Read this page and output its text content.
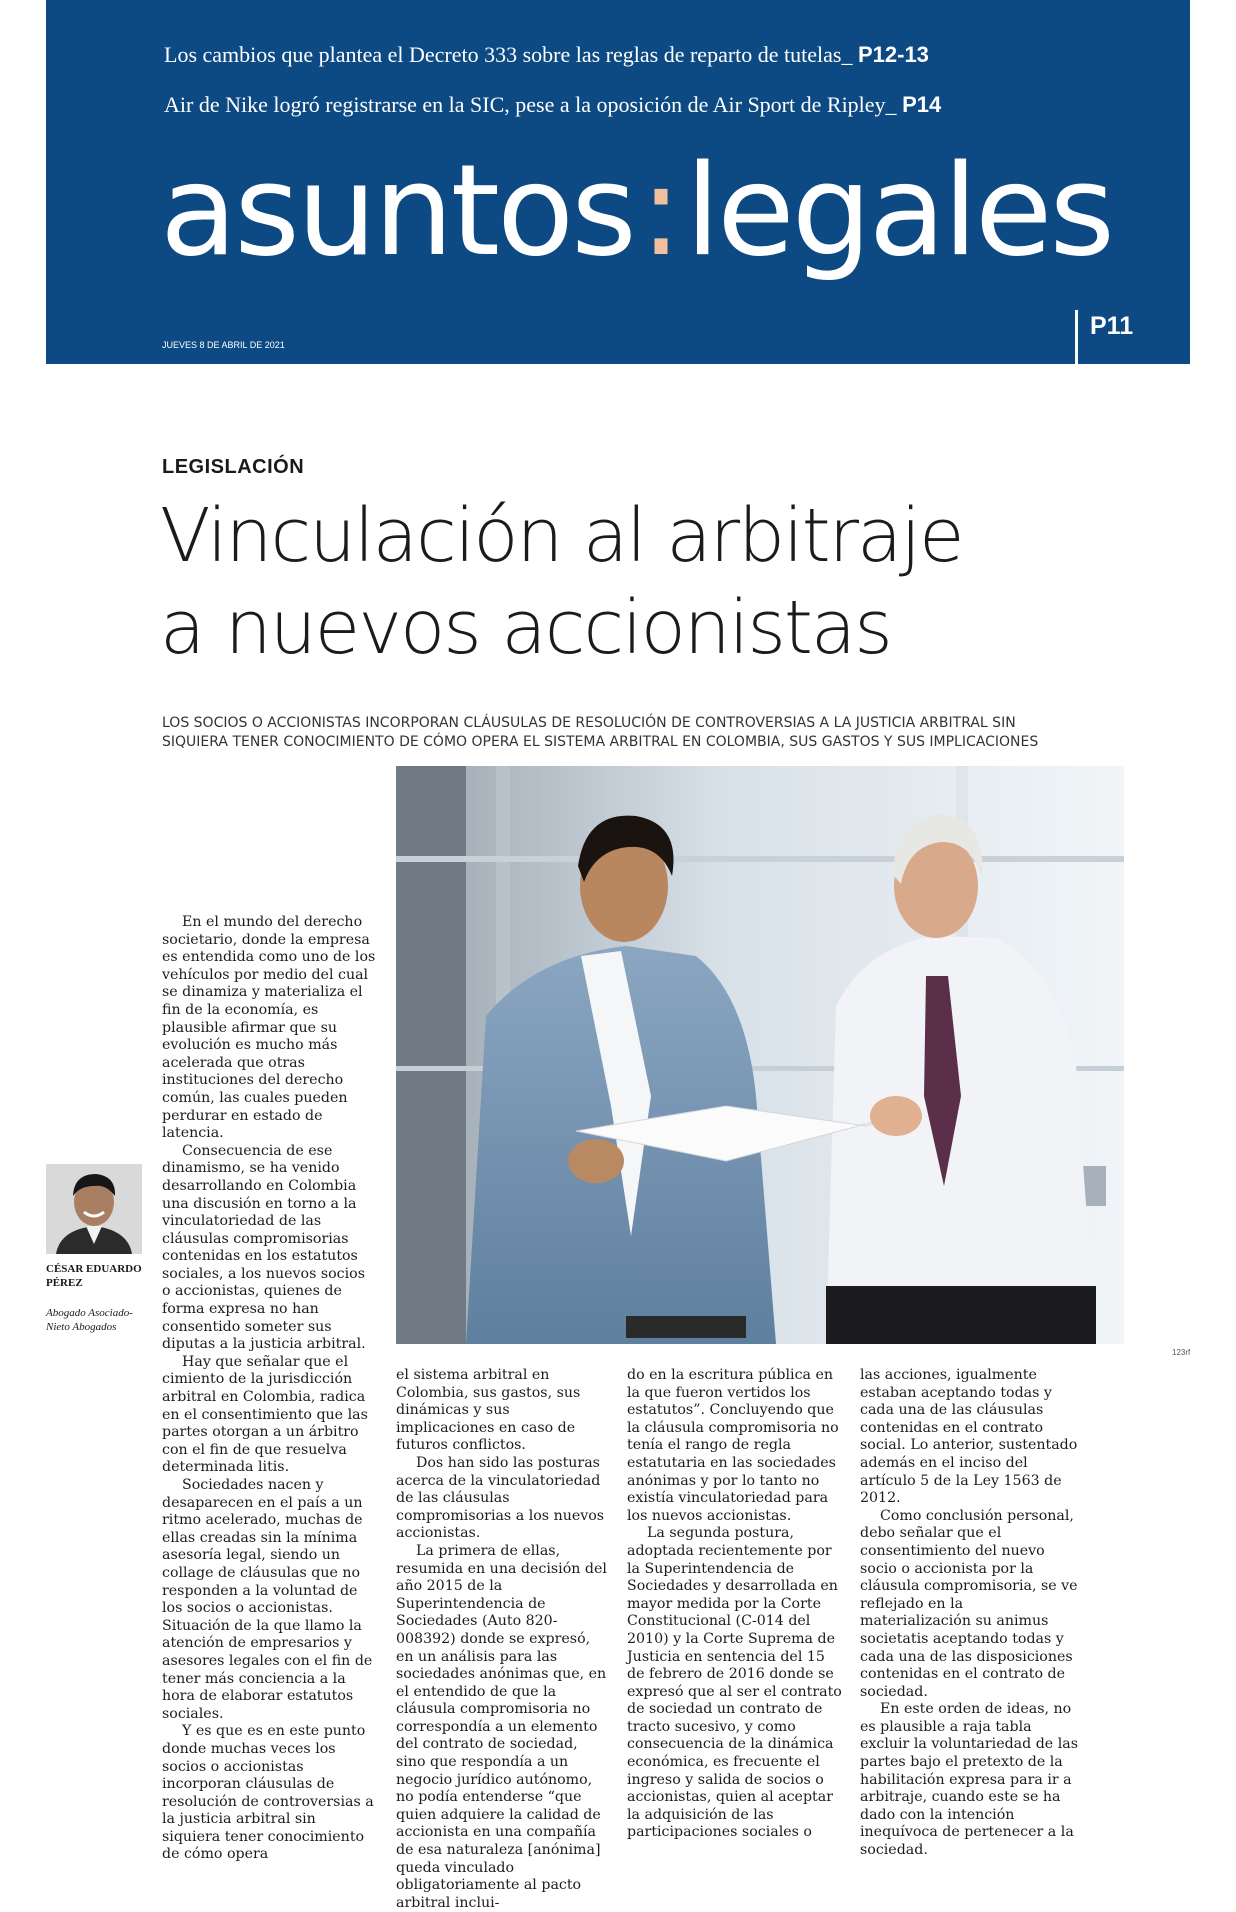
Los cambios que plantea el Decreto 333 sobre las reglas de reparto de tutelas_ P12-13
Air de Nike logró registrarse en la SIC, pese a la oposición de Air Sport de Ripley_ P14
asuntos:legales
JUEVES 8 DE ABRIL DE 2021
P11
LEGISLACIÓN
Vinculación al arbitraje
a nuevos accionistas
LOS SOCIOS O ACCIONISTAS INCORPORAN CLÁUSULAS DE RESOLUCIÓN DE CONTROVERSIAS A LA JUSTICIA ARBITRAL SIN SIQUIERA TENER CONOCIMIENTO DE CÓMO OPERA EL SISTEMA ARBITRAL EN COLOMBIA, SUS GASTOS Y SUS IMPLICACIONES
123rf
CÉSAR EDUARDO PÉREZ
Abogado Asociado-Nieto Abogados

En el mundo del derecho societario, donde la empresa es entendida como uno de los vehículos por medio del cual se dinamiza y materializa el fin de la economía, es plausible afirmar que su evolución es mucho más acelerada que otras instituciones del derecho común, las cuales pueden perdurar en estado de latencia.

Consecuencia de ese dinamismo, se ha venido desarrollando en Colombia una discusión en torno a la vinculatoriedad de las cláusulas compromisorias contenidas en los estatutos sociales, a los nuevos socios o accionistas, quienes de forma expresa no han consentido someter sus diputas a la justicia arbitral.

Hay que señalar que el cimiento de la jurisdicción arbitral en Colombia, radica en el consentimiento que las partes otorgan a un árbitro con el fin de que resuelva determinada litis.

Sociedades nacen y desaparecen en el país a un ritmo acelerado, muchas de ellas creadas sin la mínima asesoría legal, siendo un collage de cláusulas que no responden a la voluntad de los socios o accionistas. Situación de la que llamo la atención de empresarios y asesores legales con el fin de tener más conciencia a la hora de elaborar estatutos sociales.

Y es que es en este punto donde muchas veces los socios o accionistas incorporan cláusulas de resolución de controversias a la justicia arbitral sin siquiera tener conocimiento de cómo opera

el sistema arbitral en Colombia, sus gastos, sus dinámicas y sus implicaciones en caso de futuros conflictos.

Dos han sido las posturas acerca de la vinculatoriedad de las cláusulas compromisorias a los nuevos accionistas.

La primera de ellas, resumida en una decisión del año 2015 de la Superintendencia de Sociedades (Auto 820-008392) donde se expresó, en un análisis para las sociedades anónimas que, en el entendido de que la cláusula compromisoria no correspondía a un elemento del contrato de sociedad, sino que respondía a un negocio jurídico autónomo, no podía entenderse “que quien adquiere la calidad de accionista en una compañía de esa naturaleza [anónima] queda vinculado obligatoriamente al pacto arbitral inclui-

do en la escritura pública en la que fueron vertidos los estatutos”. Concluyendo que la cláusula compromisoria no tenía el rango de regla estatutaria en las sociedades anónimas y por lo tanto no existía vinculatoriedad para los nuevos accionistas.

La segunda postura, adoptada recientemente por la Superintendencia de Sociedades y desarrollada en mayor medida por la Corte Constitucional (C-014 del 2010) y la Corte Suprema de Justicia en sentencia del 15 de febrero de 2016 donde se expresó que al ser el contrato de sociedad un contrato de tracto sucesivo, y como consecuencia de la dinámica económica, es frecuente el ingreso y salida de socios o accionistas, quien al aceptar la adquisición de las participaciones sociales o

las acciones, igualmente estaban aceptando todas y cada una de las cláusulas contenidas en el contrato social. Lo anterior, sustentado además en el inciso del artículo 5 de la Ley 1563 de 2012.

Como conclusión personal, debo señalar que el consentimiento del nuevo socio o accionista por la cláusula compromisoria, se ve reflejado en la materialización su animus societatis aceptando todas y cada una de las disposiciones contenidas en el contrato de sociedad.

En este orden de ideas, no es plausible a raja tabla excluir la voluntariedad de las partes bajo el pretexto de la habilitación expresa para ir a arbitraje, cuando este se ha dado con la intención inequívoca de pertenecer a la sociedad.
